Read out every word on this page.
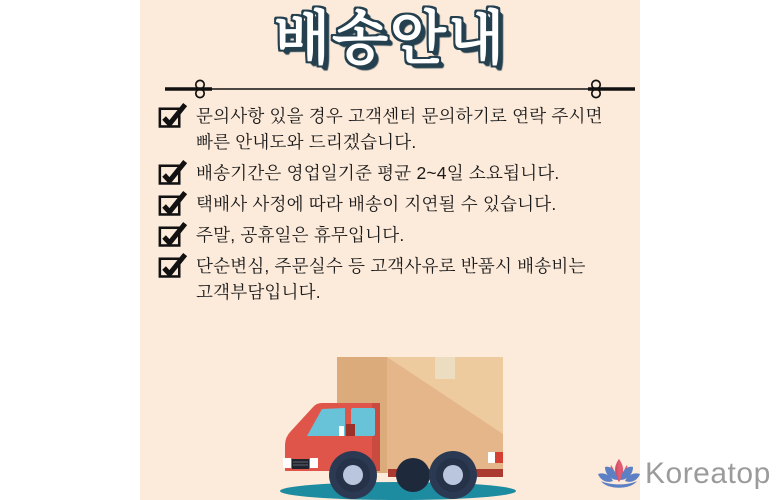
배송안내
문의사항 있을 경우 고객센터 문의하기로 연락 주시면
빠른 안내도와 드리겠습니다.
배송기간은 영업일기준 평균 2~4일 소요됩니다.
택배사 사정에 따라 배송이 지연될 수 있습니다.
주말, 공휴일은 휴무입니다.
단순변심, 주문실수 등 고객사유로 반품시 배송비는
고객부담입니다.
Koreatop
